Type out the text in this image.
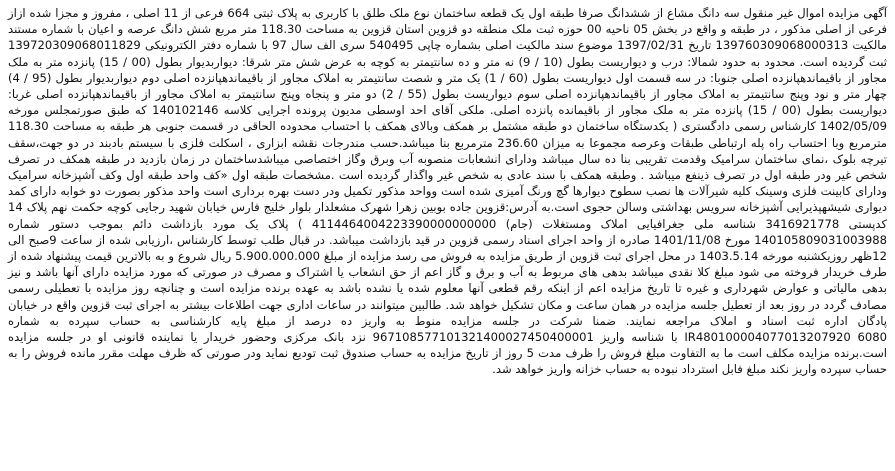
آگهی مزایده اموال غیر منقول سه دانگ مشاع از ششدانگ صرفا طبقه اول یک قطعه ساختمان نوع ملک طلق با کاربری به پلاک ثبتی 664 فرعی از 11 اصلی ، مفروز و مجزا شده ازاز فرعی از اصلی مذکور ، در طبقه و واقع در بخش 05 ناحیه 00 حوزه ثبت ملک منطقه دو قزوین استان قزوین به مساحت 118.30 متر مربع شش دانگ عرصه و اعیان با شماره مستند مالکیت 139760309068000313 تاریخ 1397/02/31 موضوع سند مالکیت اصلی بشماره چاپی 540495 سری الف سال 97 با شماره دفتر الکترونیکی 139720309068011829 ثبت گردیده است. محدود به حدود شمالا: درب و دیواریست بطول (10 / 9) نه متر و ده سانتیمتر به کوچه به عرض شش متر شرقا: دیواربدیوار بطول (00 / 15) پانزده متر به ملک مجاور از باقیماندهپانزده اصلی جنوبا: در سه قسمت اول دیواریست بطول (60 / 1) یک متر و شصت سانتیمتر به املاک مجاور از باقیماندهپانزده اصلی دوم دیواربدیوار بطول (95 / 4) چهار متر و نود وپنج سانتیمتر به املاک مجاور از باقیماندهپانزده اصلی سوم دیواریست بطول (55 / 2) دو متر و پنجاه وپنج سانتیمتر به املاک مجاور از باقیماندهپانزده اصلی غربا: دیواریست بطول (00 / 15) پانزده متر به ملک مجاور از باقیمانده پانزده اصلی. ملکی آقای احد اوسطی مدیون پرونده اجرایی کلاسه 140102146 که طبق صورتمجلس مورخه 1402/05/09 کارشناس رسمی دادگستری ( یکدستگاه ساختمان دو طبقه مشتمل بر همکف وبالای همکف با احتساب محدوده الحاقی در قسمت جنوبی هر طبقه به مساحت 118.30 مترمربع وبا احتساب راه پله ارتباطی طبقات وعرصه مجموعا به میزان 236.60 مترمربع بنا میباشد.حسب مندرجات نقشه ابزاری ، اسکلت فلزی با سیستم بادبند در دو جهت،سقف تیرچه بلوک ،نمای ساختمان سرامیک وقدمت تقریبی بنا ده سال میباشد ودارای انشعابات منصوبه آب وبرق وگاز اختصاصی میباشدساختمان در زمان بازدید در طبقه همکف در تصرف شخص غیر ودر طبقه اول در تصرف ذینفع میباشد . وطبقه همکف با سند عادی به شخص غیر واگذار گردیده است .مشخصات طبقه اول «کف واحد طبقه اول وکف آشپزخانه سرامیک ودارای کابینت فلزی وسینک کلیه شیرآلات ها نصب سطوح دیوارها گچ ورنگ آمیزی شده است وواحد مذکور تکمیل ودر دست بهره برداری است واحد مذکور بصورت دو خوابه دارای کمد دیواری شیشهپذیرایی آشپزخانه سرویس بهداشتی وسالن حجوی است.به آدرس:قزوین جاده بوبین زهرا شهرک مشعلدار بلوار خلیج فارس خیابان شهید رجایی کوچه حکمت نهم پلاک 14 کدپستی 3416921778 شناسه ملی جغرافیایی املاک ومستغلات (جام) 4114464004223390000000000 ) پلاک یک مورد بازداشت دائم بموجب دستور شماره 140105809031003988 مورخ 1401/11/08 صادره از واحد اجرای اسناد رسمی قزوین در قید بازداشت میباشد. در قبال طلب توسط کارشناس ،ارزیابی شده از ساعت 9صبح الی 12ظهر روزیکشنبه مورخه 1403.5.14 در محل اجرای ثبت قزوین از طریق مزایده به فروش می رسد مزایده از مبلغ 5.900.000.000 ریال شروع و به بالاترین قیمت پیشنهاد شده از طرف خریدار فروخته می شود مبلغ کلا نقدی میباشد بدهی های مربوط به آب و برق و گاز اعم از حق انشعاب یا اشتراک و مصرف در صورتی که مورد مزایده دارای آنها باشد و نیز بدهی مالیاتی و عوارض شهرداری و غیره تا تاریخ مزایده اعم از اینکه رقم قطعی آنها معلوم شده یا نشده باشد به عهده برنده مزایده است و چنانچه روز مزایده با تعطیلی رسمی مصادف گردد در روز بعد از تعطیل جلسه مزایده در همان ساعت و مکان تشکیل خواهد شد. طالبین میتوانند در ساعات اداری جهت اطلاعات بیشتر به اجرای ثبت قزوین واقع در خیابان پادگان اداره ثبت اسناد و املاک مراجعه نمایند. ضمنا شرکت در جلسه مزایده منوط به واریز ده درصد از مبلغ پایه کارشناسی به حساب سپرده به شماره IR480100004077013207920 6080 با شناسه واریز 967108577101321400027450400001 نزد بانک مرکزی وحضور خریدار یا نماینده قانونی او در جلسه مزایده است.برنده مزایده مکلف است ما به التفاوت مبلغ فروش را ظرف مدت 5 روز از تاریخ مزایده به حساب صندوق ثبت تودیع نماید ودر صورتی که ظرف مهلت مقرر مانده فروش را به حساب سپرده واریز نکند مبلغ فابل استرداد نبوده به حساب خزانه واریز خواهد شد.
